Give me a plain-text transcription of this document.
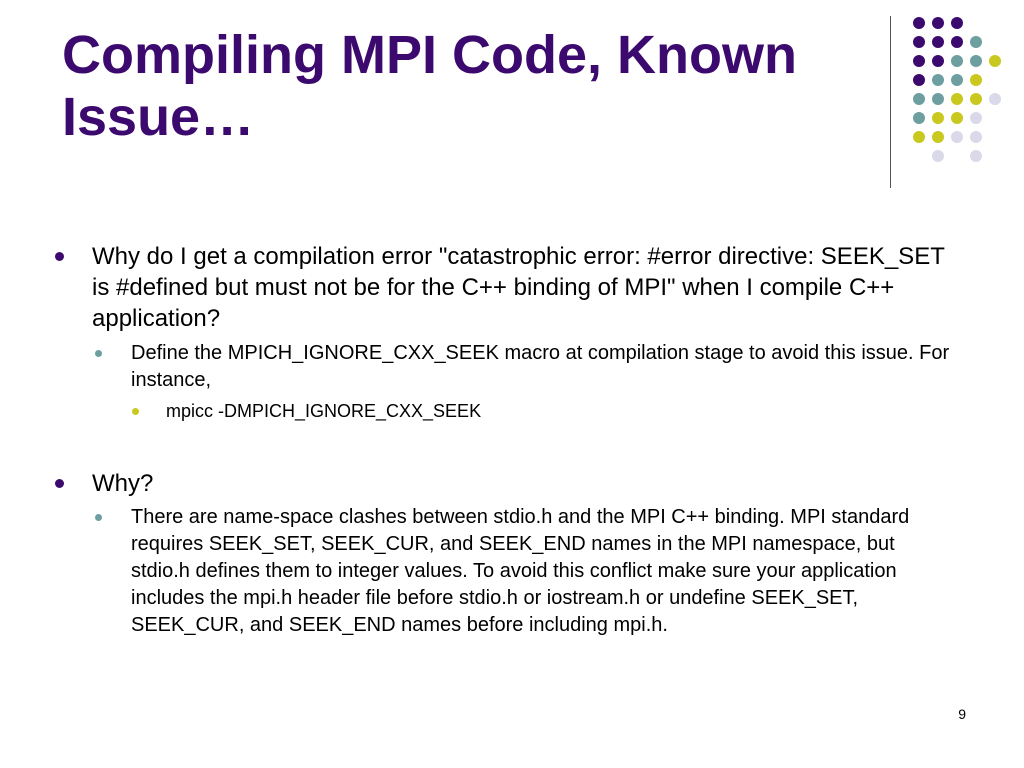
Compiling MPI Code, Known Issue…
Why do I get a compilation error "catastrophic error: #error directive: SEEK_SET is #defined but must not be for the C++ binding of MPI" when I compile C++ application?
Define the MPICH_IGNORE_CXX_SEEK macro at compilation stage to avoid this issue. For instance,
mpicc -DMPICH_IGNORE_CXX_SEEK
Why?
There are name-space clashes between stdio.h and the MPI C++ binding. MPI standard requires SEEK_SET, SEEK_CUR, and SEEK_END names in the MPI namespace, but stdio.h defines them to integer values. To avoid this conflict make sure your application includes the mpi.h header file before stdio.h or iostream.h or undefine SEEK_SET, SEEK_CUR, and SEEK_END names before including mpi.h.
9
